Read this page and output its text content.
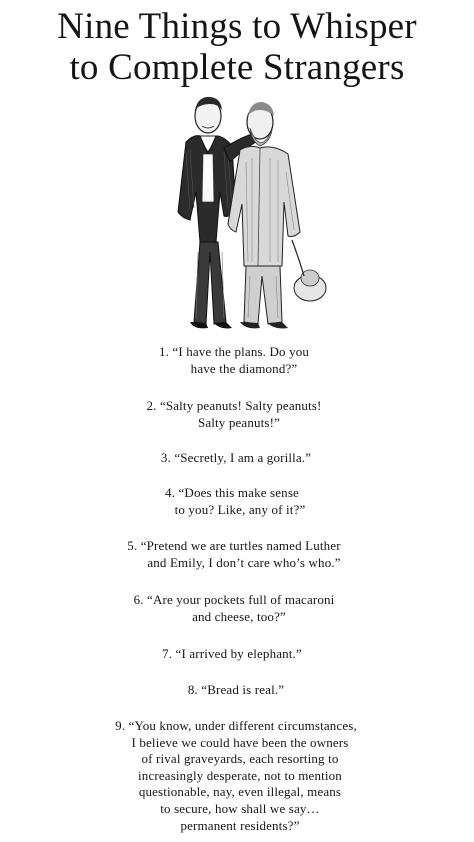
Nine Things to Whisper
to Complete Strangers
1. “I have the plans. Do you
have the diamond?”
2. “Salty peanuts! Salty peanuts!
Salty peanuts!”
3. “Secretly, I am a gorilla.”
4. “Does this make sense
to you? Like, any of it?”
5. “Pretend we are turtles named Luther
and Emily, I don’t care who’s who.”
6. “Are your pockets full of macaroni
and cheese, too?”
7. “I arrived by elephant.”
8. “Bread is real.”
9. “You know, under different circumstances,
I believe we could have been the owners
of rival graveyards, each resorting to
increasingly desperate, not to mention
questionable, nay, even illegal, means
to secure, how shall we say…
permanent residents?”
